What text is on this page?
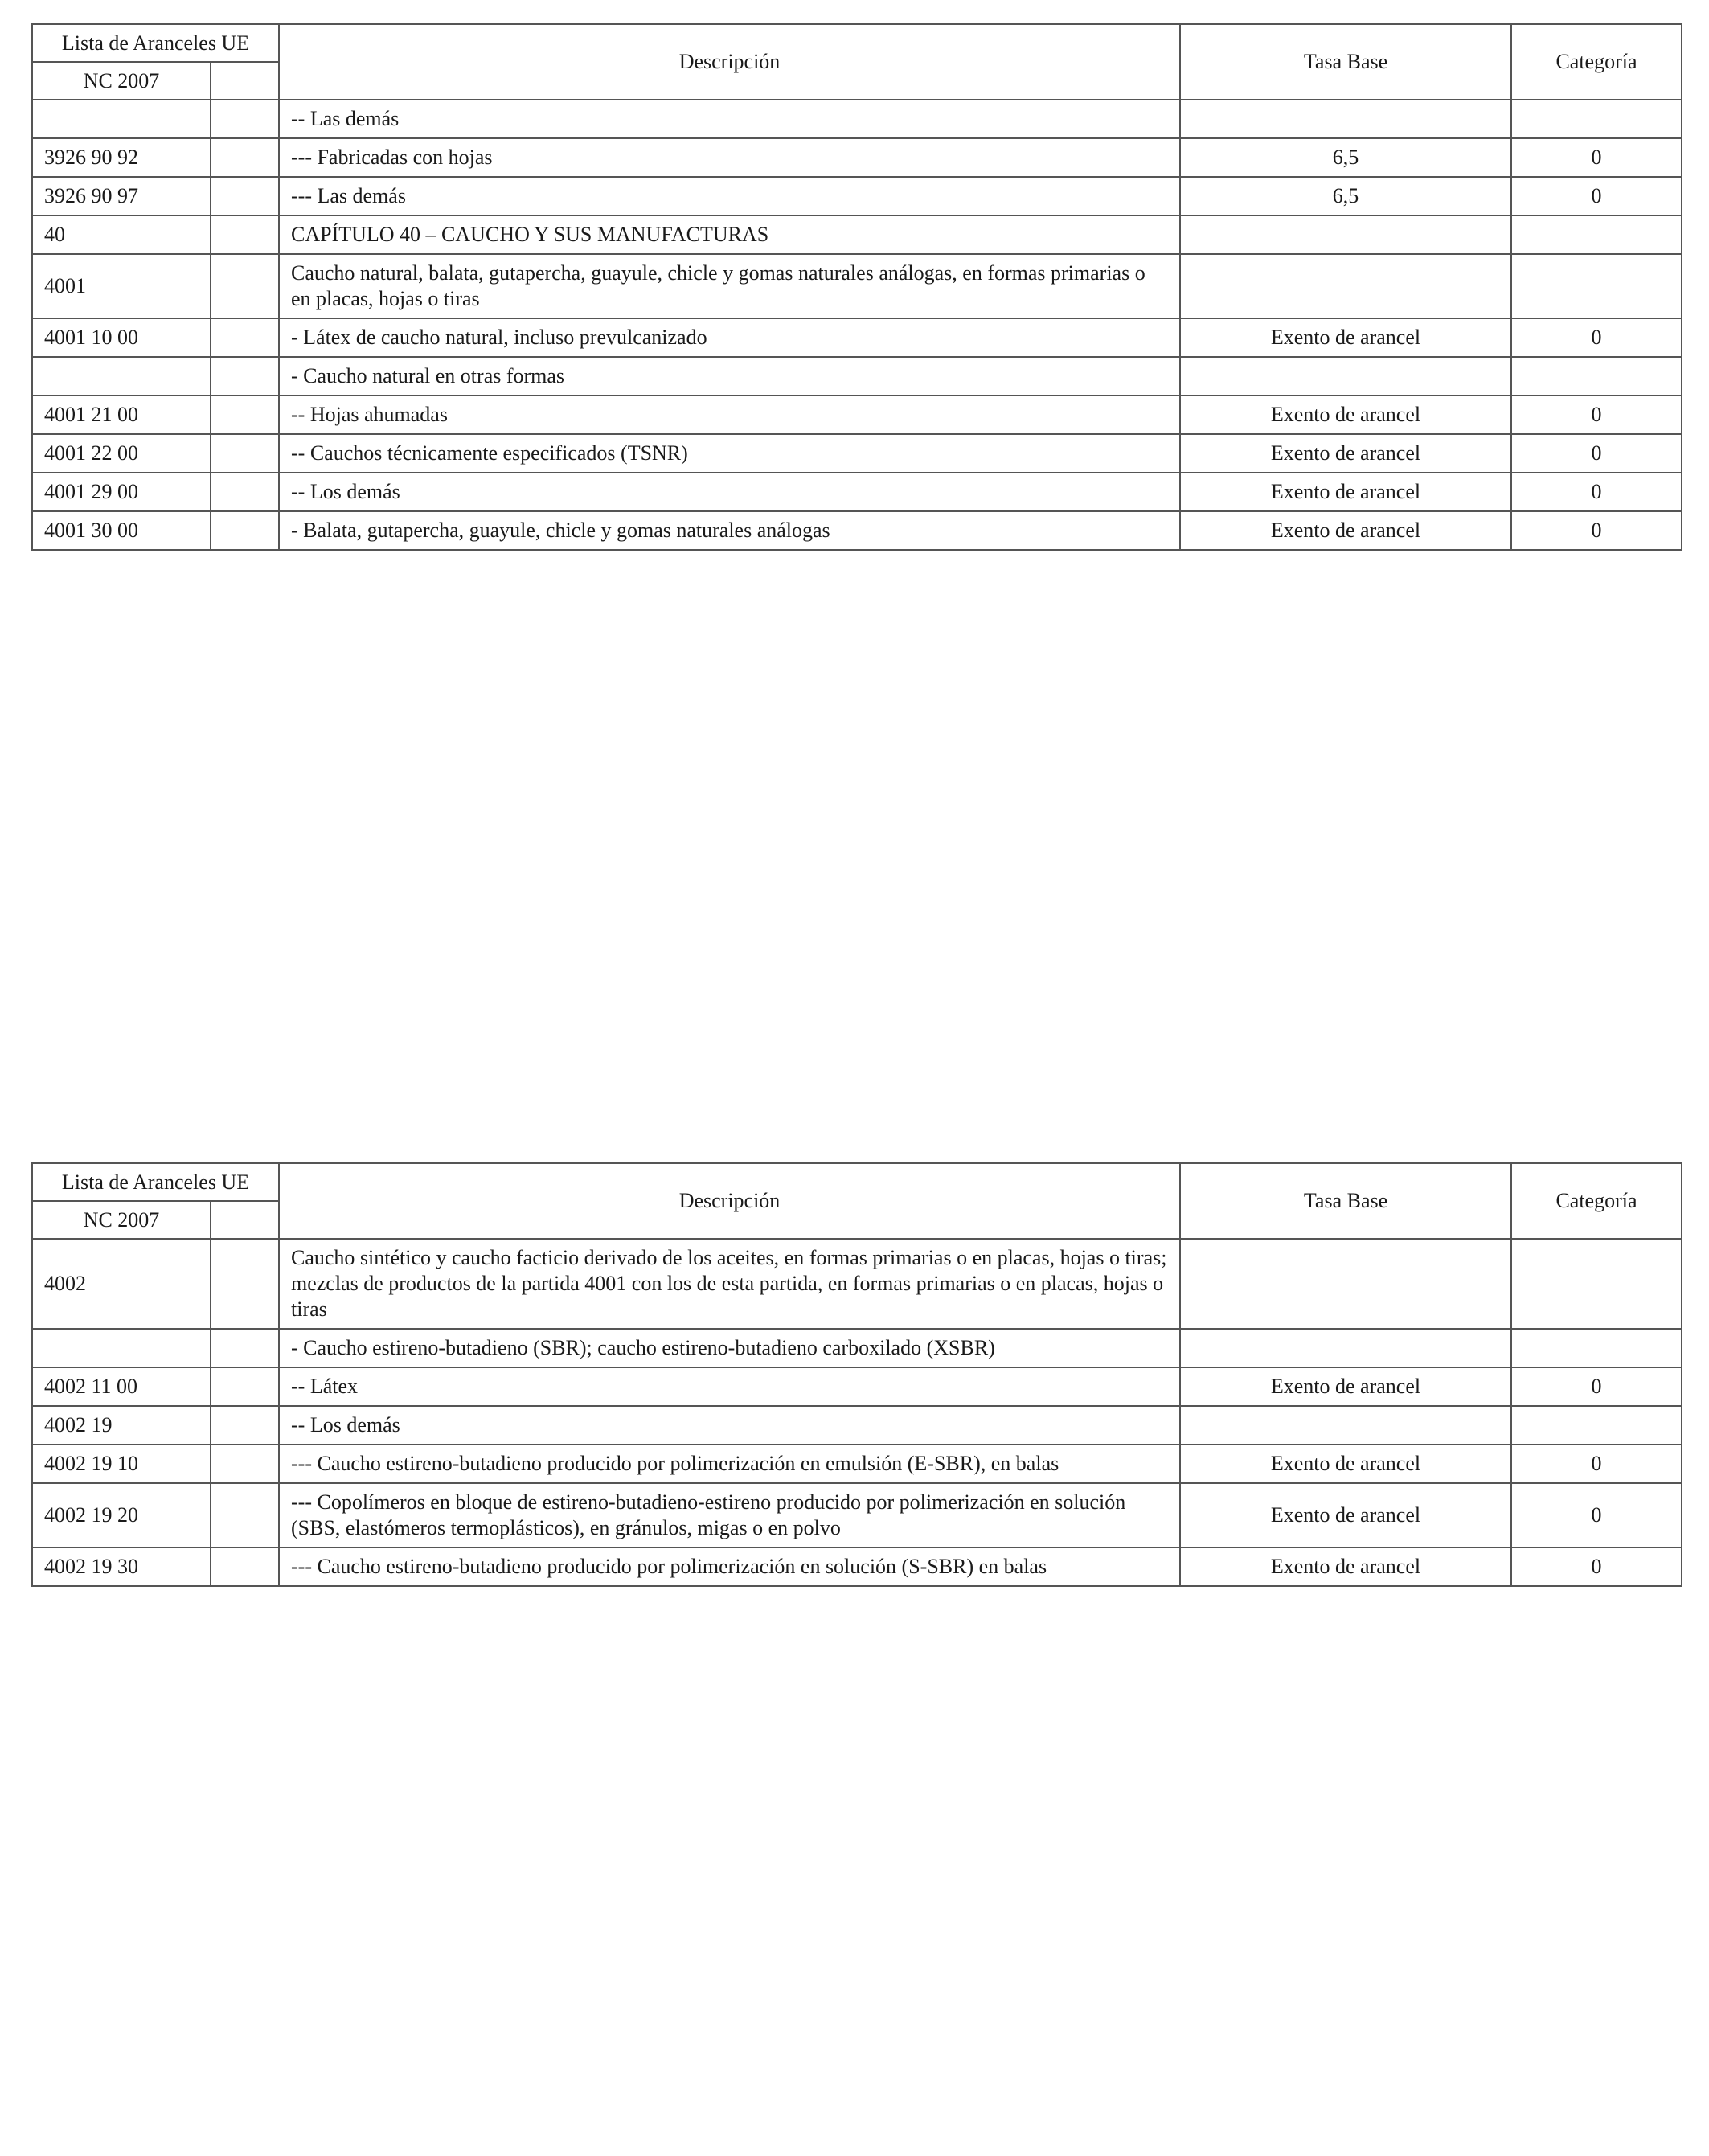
Lista de Aranceles UE		Descripción	Tasa Base	Categoría
NC 2007				
		-- Las demás		
3926 90 92		--- Fabricadas con hojas	6,5	0
3926 90 97		--- Las demás	6,5	0
40		CAPÍTULO 40 – CAUCHO Y SUS MANUFACTURAS		
4001		Caucho natural, balata, gutapercha, guayule, chicle y gomas naturales análogas, en formas primarias o en placas, hojas o tiras		
4001 10 00		- Látex de caucho natural, incluso prevulcanizado	Exento de arancel	0
		- Caucho natural en otras formas		
4001 21 00		-- Hojas ahumadas	Exento de arancel	0
4001 22 00		-- Cauchos técnicamente especificados (TSNR)	Exento de arancel	0
4001 29 00		-- Los demás	Exento de arancel	0
4001 30 00		- Balata, gutapercha, guayule, chicle y gomas naturales análogas	Exento de arancel	0
Lista de Aranceles UE		Descripción	Tasa Base	Categoría
NC 2007				
4002		Caucho sintético y caucho facticio derivado de los aceites, en formas primarias o en placas, hojas o tiras; mezclas de productos de la partida 4001 con los de esta partida, en formas primarias o en placas, hojas o tiras		
		- Caucho estireno-butadieno (SBR); caucho estireno-butadieno carboxilado (XSBR)		
4002 11 00		-- Látex	Exento de arancel	0
4002 19		-- Los demás		
4002 19 10		--- Caucho estireno-butadieno producido por polimerización en emulsión (E-SBR), en balas	Exento de arancel	0
4002 19 20		--- Copolímeros en bloque de estireno-butadieno-estireno producido por polimerización en solución (SBS, elastómeros termoplásticos), en gránulos, migas o en polvo	Exento de arancel	0
4002 19 30		--- Caucho estireno-butadieno producido por polimerización en solución (S-SBR) en balas	Exento de arancel	0
